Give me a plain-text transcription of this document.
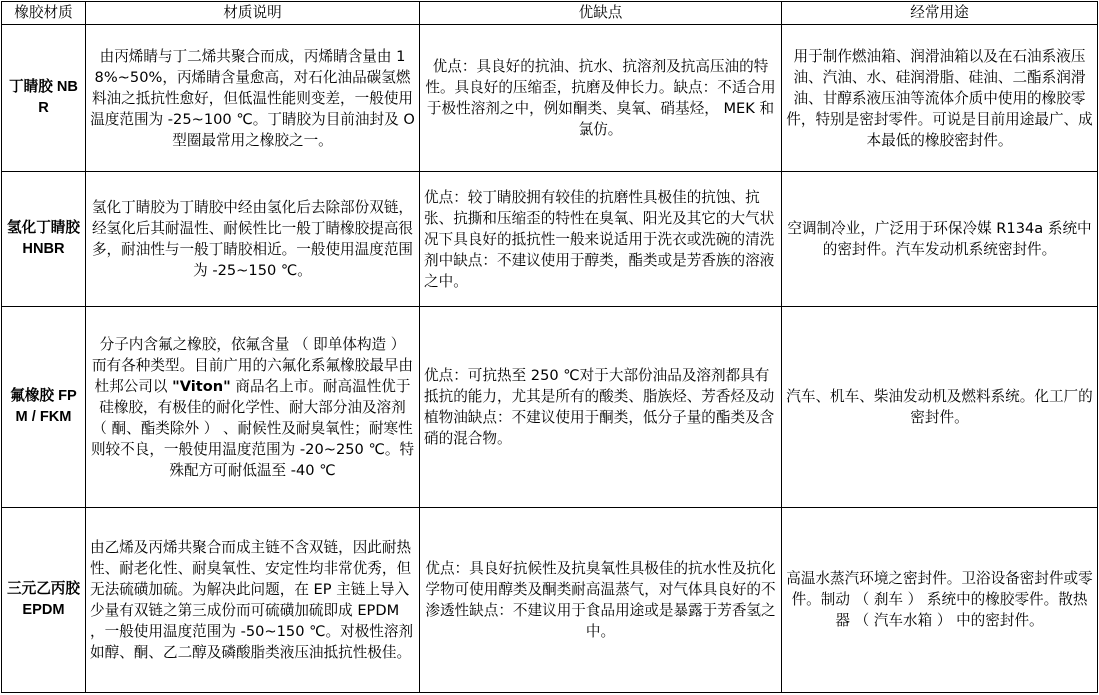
橡胶材质	材质说明	优缺点	经常用途
丁睛胶 NBR	由丙烯睛与丁二烯共聚合而成，丙烯睛含量由 18%~50%，丙烯睛含量愈高，对石化油品碳氢燃料油之抵抗性愈好，但低温性能则变差，一般使用温度范围为 -25~100 ℃。丁睛胶为目前油封及 O 型圈最常用之橡胶之一。	优点：具良好的抗油、抗水、抗溶剂及抗高压油的特性。具良好的压缩歪，抗磨及伸长力。缺点：不适合用于极性溶剂之中，例如酮类、臭氧、硝基烃， MEK 和氯仿。	用于制作燃油箱、润滑油箱以及在石油系液压油、汽油、水、硅润滑脂、硅油、二酯系润滑油、甘醇系液压油等流体介质中使用的橡胶零件，特别是密封零件。可说是目前用途最广、成本最低的橡胶密封件。
氢化丁睛胶 HNBR	氢化丁睛胶为丁睛胶中经由氢化后去除部份双链，经氢化后其耐温性、耐候性比一般丁睛橡胶提高很多，耐油性与一般丁睛胶相近。一般使用温度范围为 -25~150 ℃。	优点：较丁睛胶拥有较佳的抗磨性具极佳的抗蚀、抗张、抗撕和压缩歪的特性在臭氧、阳光及其它的大气状况下具良好的抵抗性一般来说适用于洗衣或洗碗的清洗剂中缺点：不建议使用于醇类，酯类或是芳香族的溶液之中。	空调制冷业，广泛用于环保冷媒 R134a 系统中的密封件。汽车发动机系统密封件。
氟橡胶 FPM / FKM	分子内含氟之橡胶，依氟含量 （ 即单体构造 ） 而有各种类型。目前广用的六氟化系氟橡胶最早由杜邦公司以 "Viton" 商品名上市。耐高温性优于硅橡胶，有极佳的耐化学性、耐大部分油及溶剂 （ 酮、酯类除外 ） 、耐候性及耐臭氧性；耐寒性则较不良，一般使用温度范围为 -20~250 ℃。特殊配方可耐低温至 -40 ℃	优点：可抗热至 250 ℃对于大部份油品及溶剂都具有抵抗的能力，尤其是所有的酸类、脂族烃、芳香烃及动植物油缺点：不建议使用于酮类，低分子量的酯类及含硝的混合物。	汽车、机车、柴油发动机及燃料系统。化工厂的密封件。
三元乙丙胶 EPDM	由乙烯及丙烯共聚合而成主链不含双链，因此耐热性、耐老化性、耐臭氧性、安定性均非常优秀，但无法硫磺加硫。为解决此问题，在 EP 主链上导入少量有双链之第三成份而可硫磺加硫即成 EPDM ，一般使用温度范围为 -50~150 ℃。对极性溶剂如醇、酮、乙二醇及磷酸脂类液压油抵抗性极佳。	优点：具良好抗候性及抗臭氧性具极佳的抗水性及抗化学物可使用醇类及酮类耐高温蒸气，对气体具良好的不渗透性缺点：不建议用于食品用途或是暴露于芳香氢之中。	高温水蒸汽环境之密封件。卫浴设备密封件或零件。制动 （ 刹车 ） 系统中的橡胶零件。散热器 （ 汽车水箱 ） 中的密封件。
